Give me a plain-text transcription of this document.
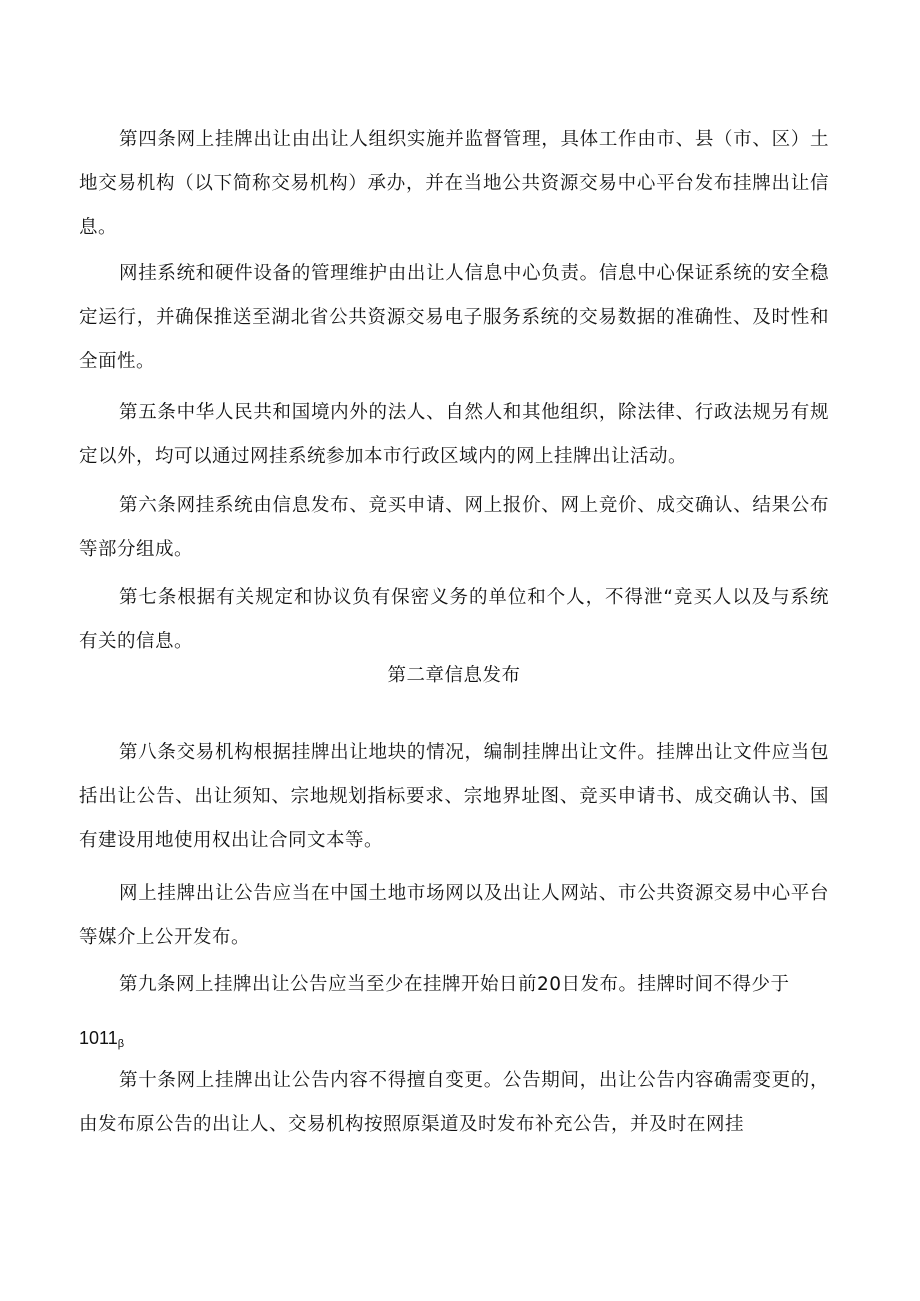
第四条网上挂牌出让由出让人组织实施并监督管理，具体工作由市、县（市、区）土地交易机构（以下简称交易机构）承办，并在当地公共资源交易中心平台发布挂牌出让信息。

网挂系统和硬件设备的管理维护由出让人信息中心负责。信息中心保证系统的安全稳定运行，并确保推送至湖北省公共资源交易电子服务系统的交易数据的准确性、及时性和全面性。

第五条中华人民共和国境内外的法人、自然人和其他组织，除法律、行政法规另有规定以外，均可以通过网挂系统参加本市行政区域内的网上挂牌出让活动。

第六条网挂系统由信息发布、竞买申请、网上报价、网上竞价、成交确认、结果公布等部分组成。

第七条根据有关规定和协议负有保密义务的单位和个人，不得泄“竞买人以及与系统有关的信息。

第二章信息发布

第八条交易机构根据挂牌出让地块的情况，编制挂牌出让文件。挂牌出让文件应当包括出让公告、出让须知、宗地规划指标要求、宗地界址图、竞买申请书、成交确认书、国有建设用地使用权出让合同文本等。

网上挂牌出让公告应当在中国土地市场网以及出让人网站、市公共资源交易中心平台等媒介上公开发布。

第九条网上挂牌出让公告应当至少在挂牌开始日前20日发布。挂牌时间不得少于

$1011_\beta$

第十条网上挂牌出让公告内容不得擅自变更。公告期间，出让公告内容确需变更的，由发布原公告的出让人、交易机构按照原渠道及时发布补充公告，并及时在网挂
